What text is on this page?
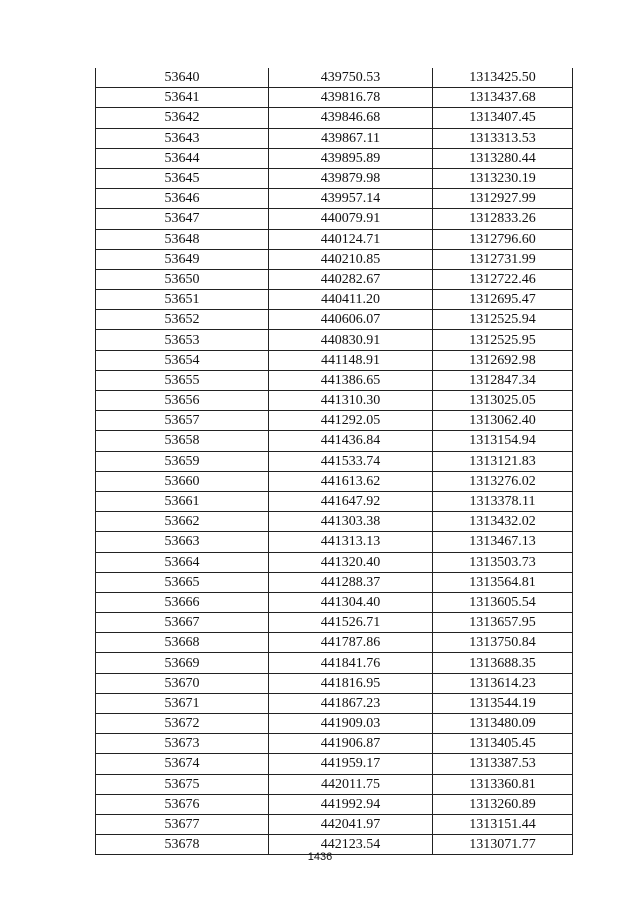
53640	439750.53	1313425.50
53641	439816.78	1313437.68
53642	439846.68	1313407.45
53643	439867.11	1313313.53
53644	439895.89	1313280.44
53645	439879.98	1313230.19
53646	439957.14	1312927.99
53647	440079.91	1312833.26
53648	440124.71	1312796.60
53649	440210.85	1312731.99
53650	440282.67	1312722.46
53651	440411.20	1312695.47
53652	440606.07	1312525.94
53653	440830.91	1312525.95
53654	441148.91	1312692.98
53655	441386.65	1312847.34
53656	441310.30	1313025.05
53657	441292.05	1313062.40
53658	441436.84	1313154.94
53659	441533.74	1313121.83
53660	441613.62	1313276.02
53661	441647.92	1313378.11
53662	441303.38	1313432.02
53663	441313.13	1313467.13
53664	441320.40	1313503.73
53665	441288.37	1313564.81
53666	441304.40	1313605.54
53667	441526.71	1313657.95
53668	441787.86	1313750.84
53669	441841.76	1313688.35
53670	441816.95	1313614.23
53671	441867.23	1313544.19
53672	441909.03	1313480.09
53673	441906.87	1313405.45
53674	441959.17	1313387.53
53675	442011.75	1313360.81
53676	441992.94	1313260.89
53677	442041.97	1313151.44
53678	442123.54	1313071.77
1436
